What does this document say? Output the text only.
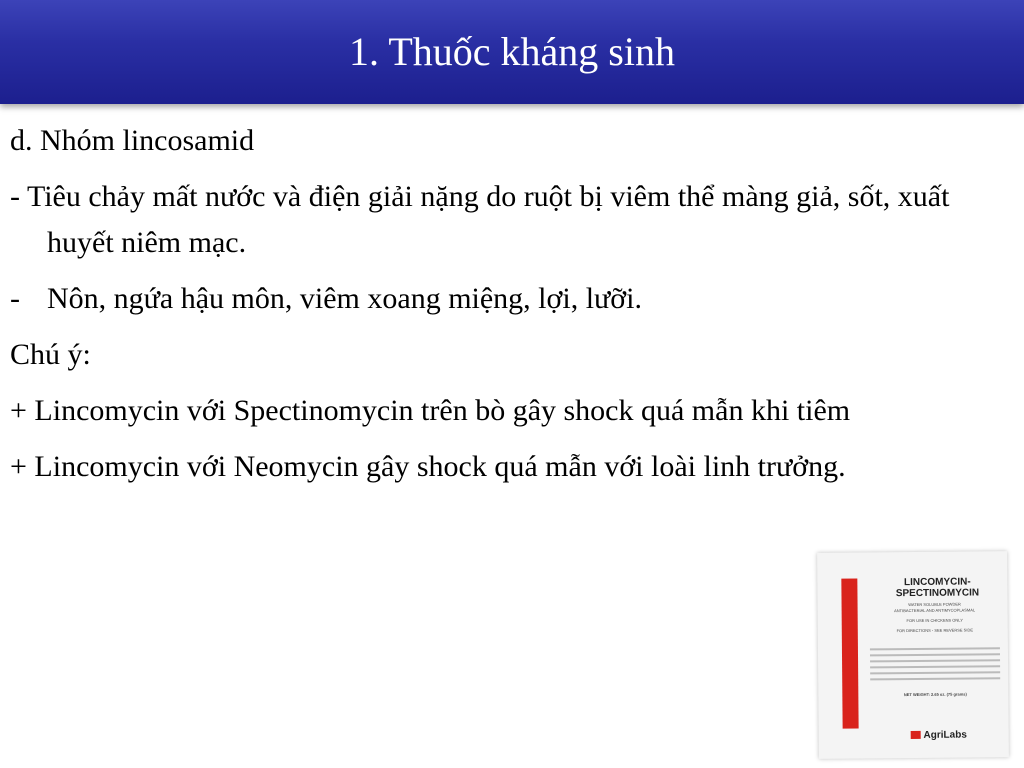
1. Thuốc kháng sinh

d. Nhóm lincosamid

- Tiêu chảy mất nước và điện giải nặng do ruột bị viêm thể màng giả, sốt, xuất huyết niêm mạc.

- Nôn, ngứa hậu môn, viêm xoang miệng, lợi, lưỡi.

Chú ý:

+ Lincomycin với Spectinomycin trên bò gây shock quá mẫn khi tiêm

+ Lincomycin với Neomycin gây shock quá mẫn với loài linh trưởng.

LINCOMYCIN-
SPECTINOMYCIN
WATER SOLUBLE POWDER
ANTIBACTERIAL AND ANTIMYCOPLASMAL
FOR USE IN CHICKENS ONLY
FOR DIRECTIONS - SEE REVERSE SIDE
NET WEIGHT: 2.65 oz. (75 grams)
AgriLabs
